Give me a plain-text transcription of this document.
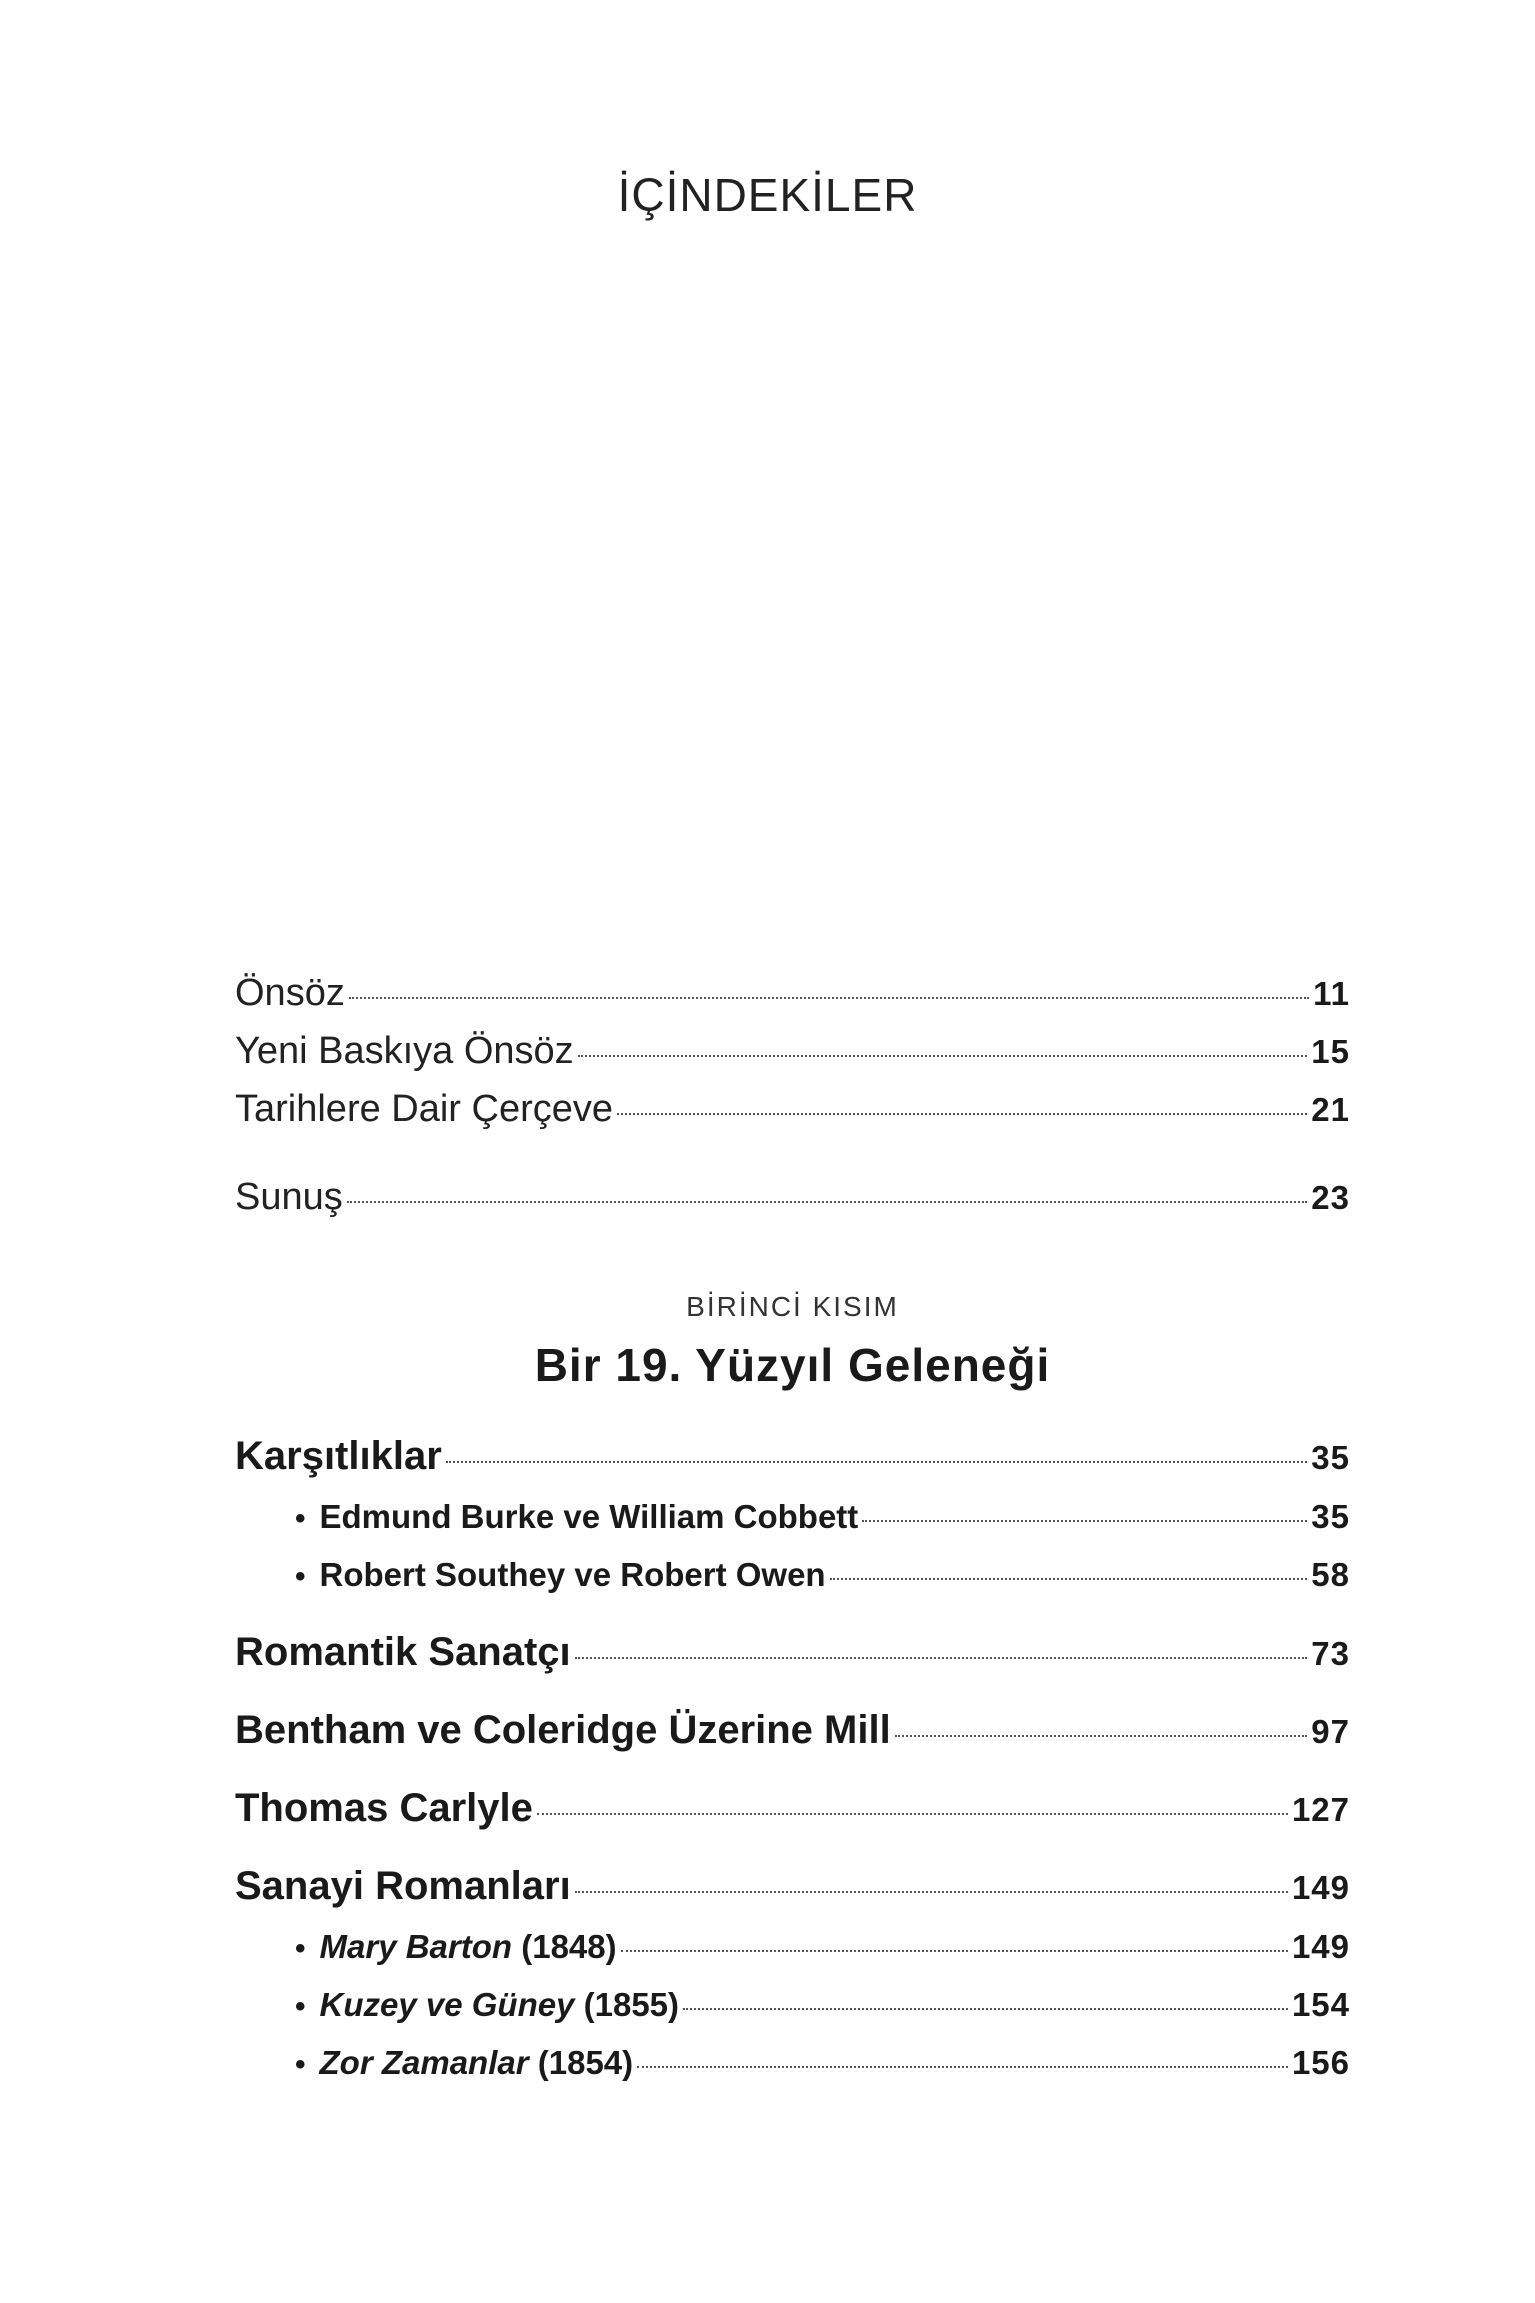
İÇİNDEKİLER
Önsöz	11
Yeni Baskıya Önsöz	15
Tarihlere Dair Çerçeve	21
Sunuş	23
BİRİNCİ KISIM
Bir 19. Yüzyıl Geleneği
Karşıtlıklar	35
• Edmund Burke ve William Cobbett	35
• Robert Southey ve Robert Owen	58
Romantik Sanatçı	73
Bentham ve Coleridge Üzerine Mill	97
Thomas Carlyle	127
Sanayi Romanları	149
• Mary Barton (1848)	149
• Kuzey ve Güney (1855)	154
• Zor Zamanlar (1854)	156
